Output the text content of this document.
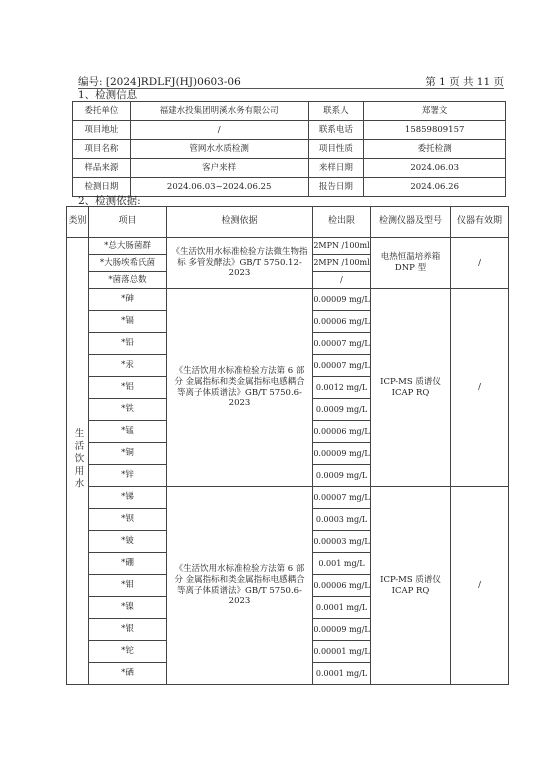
编号: [2024]RDLFJ(HJ)0603-06	第 1 页 共 11 页
1、检测信息
委托单位	福建水投集团明溪水务有限公司	联系人	郑署文
项目地址	/	联系电话	15859809157
项目名称	管网水水质检测	项目性质	委托检测
样品来源	客户来样	来样日期	2024.06.03
检测日期	2024.06.03~2024.06.25	报告日期	2024.06.26
2、检测依据:
类别	项目	检测依据	检出限	检测仪器及型号	仪器有效期
生活饮用水	*总大肠菌群	《生活饮用水标准检验方法微生物指标 多管发酵法》GB/T 5750.12-2023	2MPN /100ml	电热恒温培养箱 DNP 型	/
	*大肠埃希氏菌		2MPN /100ml		
	*菌落总数		/		
	*砷	《生活饮用水标准检验方法第 6 部分 金属指标和类金属指标电感耦合等离子体质谱法》GB/T 5750.6-2023	0.00009 mg/L	ICP-MS 质谱仪 ICAP RQ	/
	*镉		0.00006 mg/L		
	*铅		0.00007 mg/L		
	*汞		0.00007 mg/L		
	*铝		0.0012 mg/L		
	*铁		0.0009 mg/L		
	*锰		0.00006 mg/L		
	*铜		0.00009 mg/L		
	*锌		0.0009 mg/L		
	*锑	《生活饮用水标准检验方法第 6 部分 金属指标和类金属指标电感耦合等离子体质谱法》GB/T 5750.6-2023	0.00007 mg/L	ICP-MS 质谱仪 ICAP RQ	/
	*钡		0.0003 mg/L		
	*铍		0.00003 mg/L		
	*硼		0.001 mg/L		
	*钼		0.00006 mg/L		
	*镍		0.0001 mg/L		
	*银		0.00009 mg/L		
	*铊		0.00001 mg/L		
	*硒		0.0001 mg/L		
